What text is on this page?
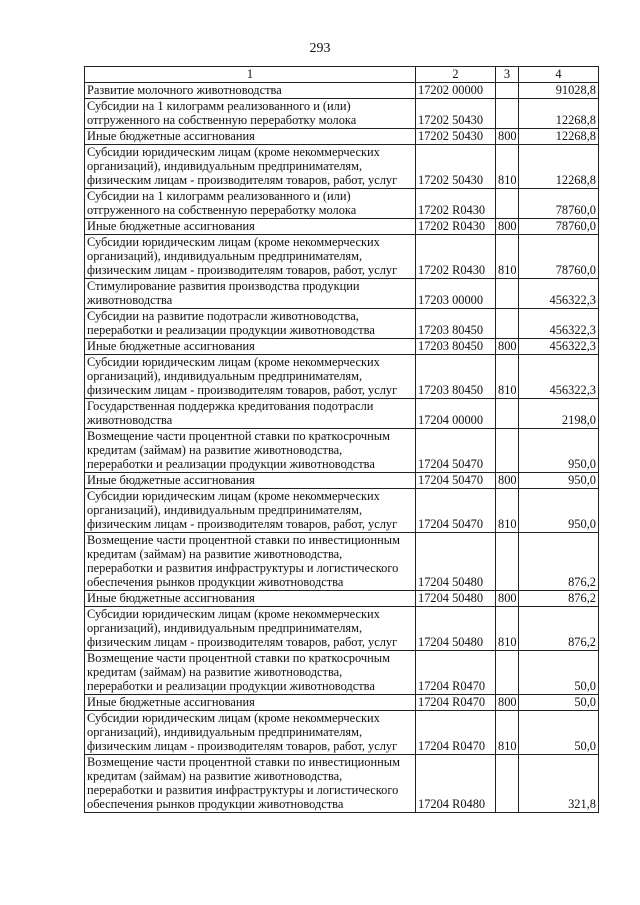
293
1	2	3	4

Развитие молочного животноводства	17202 00000		91028,8

Субсидии на 1 килограмм реализованного и (или)
отгруженного на собственную переработку молока	17202 50430		12268,8

Иные бюджетные ассигнования	17202 50430	800	12268,8

Субсидии юридическим лицам (кроме некоммерческих
организаций), индивидуальным предпринимателям,
физическим лицам - производителям товаров, работ, услуг	17202 50430	810	12268,8

Субсидии на 1 килограмм реализованного и (или)
отгруженного на собственную переработку молока	17202 R0430		78760,0

Иные бюджетные ассигнования	17202 R0430	800	78760,0

Субсидии юридическим лицам (кроме некоммерческих
организаций), индивидуальным предпринимателям,
физическим лицам - производителям товаров, работ, услуг	17202 R0430	810	78760,0

Стимулирование развития производства продукции
животноводства	17203 00000		456322,3

Субсидии на развитие подотрасли животноводства,
переработки и реализации продукции животноводства	17203 80450		456322,3

Иные бюджетные ассигнования	17203 80450	800	456322,3

Субсидии юридическим лицам (кроме некоммерческих
организаций), индивидуальным предпринимателям,
физическим лицам - производителям товаров, работ, услуг	17203 80450	810	456322,3

Государственная поддержка кредитования подотрасли
животноводства	17204 00000		2198,0

Возмещение части процентной ставки по краткосрочным
кредитам (займам) на развитие животноводства,
переработки и реализации продукции животноводства	17204 50470		950,0

Иные бюджетные ассигнования	17204 50470	800	950,0

Субсидии юридическим лицам (кроме некоммерческих
организаций), индивидуальным предпринимателям,
физическим лицам - производителям товаров, работ, услуг	17204 50470	810	950,0

Возмещение части процентной ставки по инвестиционным
кредитам (займам) на развитие животноводства,
переработки и развития инфраструктуры и логистического
обеспечения рынков продукции животноводства	17204 50480		876,2

Иные бюджетные ассигнования	17204 50480	800	876,2

Субсидии юридическим лицам (кроме некоммерческих
организаций), индивидуальным предпринимателям,
физическим лицам - производителям товаров, работ, услуг	17204 50480	810	876,2

Возмещение части процентной ставки по краткосрочным
кредитам (займам) на развитие животноводства,
переработки и реализации продукции животноводства	17204 R0470		50,0

Иные бюджетные ассигнования	17204 R0470	800	50,0

Субсидии юридическим лицам (кроме некоммерческих
организаций), индивидуальным предпринимателям,
физическим лицам - производителям товаров, работ, услуг	17204 R0470	810	50,0

Возмещение части процентной ставки по инвестиционным
кредитам (займам) на развитие животноводства,
переработки и развития инфраструктуры и логистического
обеспечения рынков продукции животноводства	17204 R0480		321,8
